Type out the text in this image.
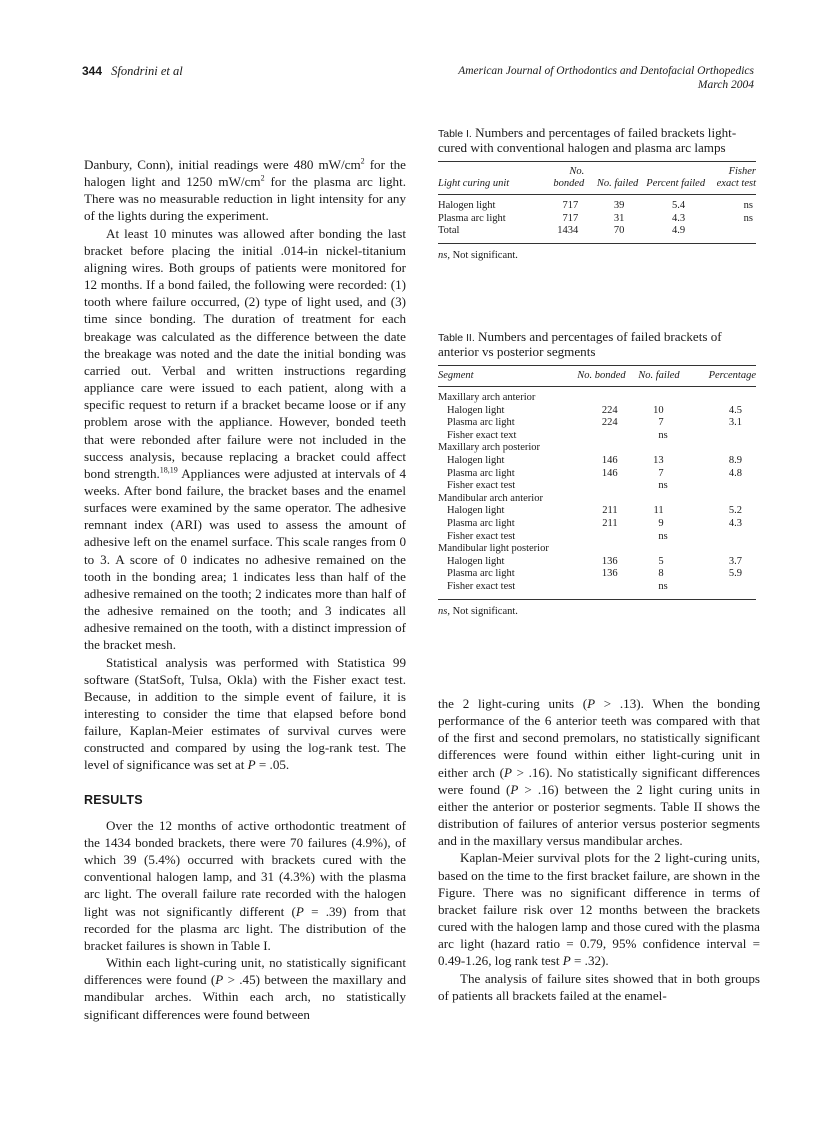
344 Sfondrini et al	American Journal of Orthodontics and Dentofacial Orthopedics
March 2004

Danbury, Conn), initial readings were 480 $mW/cm^2$ for the halogen light and 1250 $mW/cm^2$ for the plasma arc light. There was no measurable reduction in light intensity for any of the lights during the experiment.

At least 10 minutes was allowed after bonding the last bracket before placing the initial .014-in nickel-titanium aligning wires. Both groups of patients were monitored for 12 months. If a bond failed, the following were recorded: (1) tooth where failure occurred, (2) type of light used, and (3) time since bonding. The duration of treatment for each breakage was calculated as the difference between the date the breakage was noted and the date the initial bonding was carried out. Verbal and written instructions regarding appliance care were issued to each patient, along with a specific request to return if a bracket became loose or if any problem arose with the appliance. However, bonded teeth that were rebonded after failure were not included in the success analysis, because replacing a bracket could affect bond strength.$^{18,19}$ Appliances were adjusted at intervals of 4 weeks. After bond failure, the bracket bases and the enamel surfaces were examined by the same operator. The adhesive remnant index (ARI) was used to assess the amount of adhesive left on the enamel surface. This scale ranges from 0 to 3. A score of 0 indicates no adhesive remained on the tooth in the bonding area; 1 indicates less than half of the adhesive remained on the tooth; 2 indicates more than half of the adhesive remained on the tooth; and 3 indicates all adhesive remained on the tooth, with a distinct impression of the bracket mesh.

Statistical analysis was performed with Statistica 99 software (StatSoft, Tulsa, Okla) with the Fisher exact test. Because, in addition to the simple event of failure, it is interesting to consider the time that elapsed before bond failure, Kaplan-Meier estimates of survival curves were constructed and compared by using the log-rank test. The level of significance was set at P = .05.

RESULTS

Over the 12 months of active orthodontic treatment of the 1434 bonded brackets, there were 70 failures (4.9%), of which 39 (5.4%) occurred with brackets cured with the conventional halogen lamp, and 31 (4.3%) with the plasma arc light. The overall failure rate recorded with the halogen light was not significantly different (P = .39) from that recorded for the plasma arc light. The distribution of the bracket failures is shown in Table I.

Within each light-curing unit, no statistically significant differences were found (P > .45) between the maxillary and mandibular arches. Within each arch, no statistically significant differences were found between

Table I. Numbers and percentages of failed brackets light-cured with conventional halogen and plasma arc lamps
Light curing unit	No. bonded	No. failed	Percent failed	Fisher exact test
Halogen light	717	39	5.4	ns
Plasma arc light	717	31	4.3	ns
Total	1434	70	4.9	
ns, Not significant.
Table II. Numbers and percentages of failed brackets of anterior vs posterior segments
Segment	No. bonded	No. failed	Percentage
Maxillary arch anterior			
Halogen light	224	10	4.5
Plasma arc light	224	7	3.1
Fisher exact text		ns	
Maxillary arch posterior			
Halogen light	146	13	8.9
Plasma arc light	146	7	4.8
Fisher exact test		ns	
Mandibular arch anterior			
Halogen light	211	11	5.2
Plasma arc light	211	9	4.3
Fisher exact test		ns	
Mandibular light posterior			
Halogen light	136	5	3.7
Plasma arc light	136	8	5.9
Fisher exact test		ns	
ns, Not significant.

the 2 light-curing units (P > .13). When the bonding performance of the 6 anterior teeth was compared with that of the first and second premolars, no statistically significant differences were found within either light-curing unit in either arch (P > .16). No statistically significant differences were found (P > .16) between the 2 light curing units in either the anterior or posterior segments. Table II shows the distribution of failures of anterior versus posterior segments and in the maxillary versus mandibular arches.

Kaplan-Meier survival plots for the 2 light-curing units, based on the time to the first bracket failure, are shown in the Figure. There was no significant difference in terms of bracket failure risk over 12 months between the brackets cured with the halogen lamp and those cured with the plasma arc light (hazard ratio = 0.79, 95% confidence interval = 0.49-1.26, log rank test P = .32).

The analysis of failure sites showed that in both groups of patients all brackets failed at the enamel-
